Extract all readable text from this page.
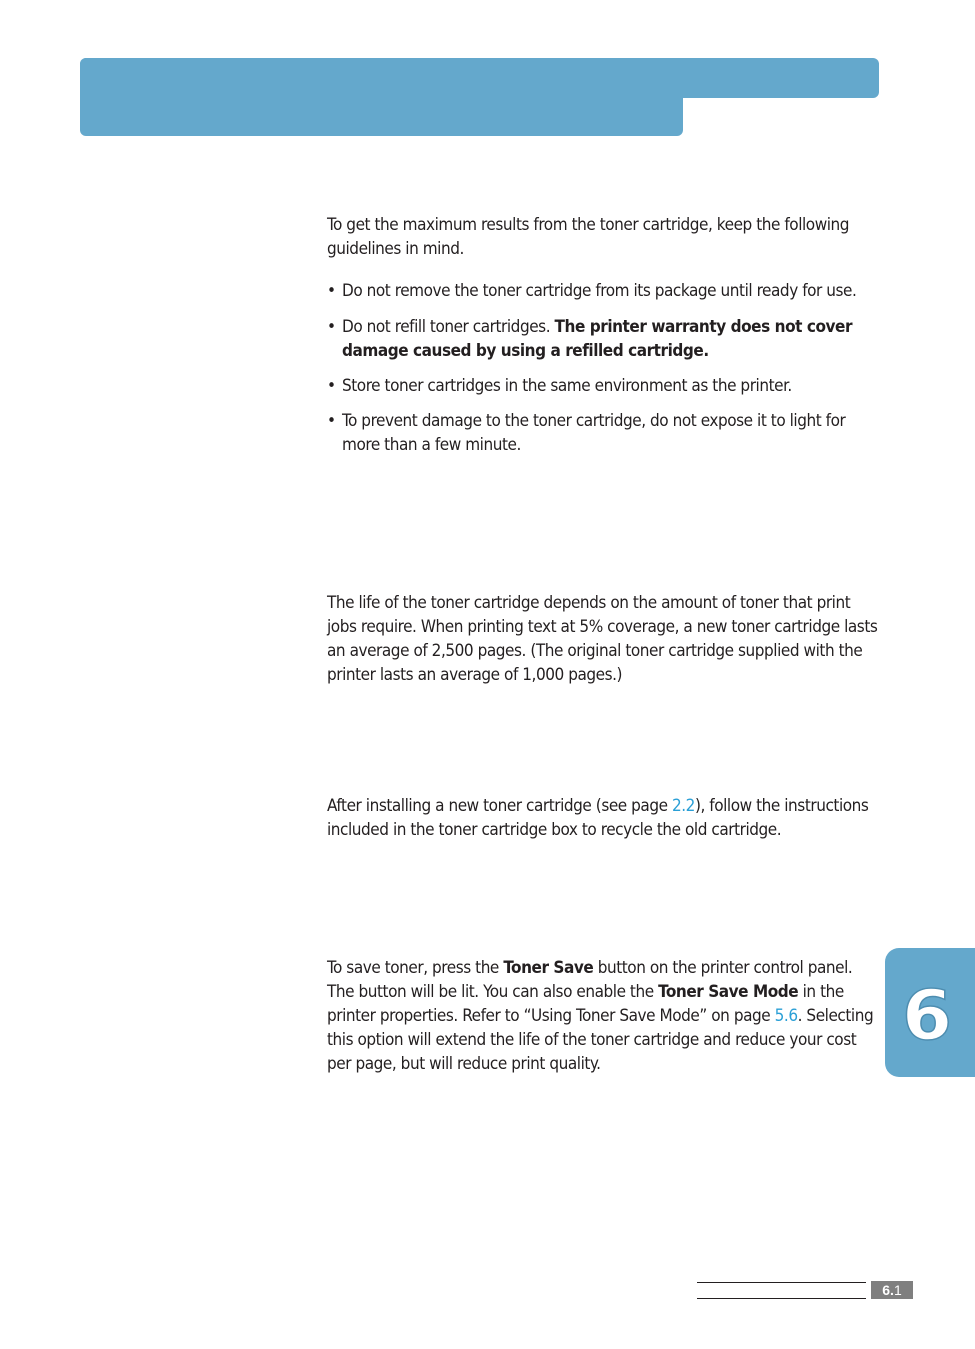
To get the maximum results from the toner cartridge, keep the following guidelines in mind.

• Do not remove the toner cartridge from its package until ready for use.
• Do not refill toner cartridges. The printer warranty does not cover damage caused by using a refilled cartridge.
• Store toner cartridges in the same environment as the printer.
• To prevent damage to the toner cartridge, do not expose it to light for more than a few minute.

The life of the toner cartridge depends on the amount of toner that print jobs require. When printing text at 5% coverage, a new toner cartridge lasts an average of 2,500 pages. (The original toner cartridge supplied with the printer lasts an average of 1,000 pages.)

After installing a new toner cartridge (see page 2.2), follow the instructions included in the toner cartridge box to recycle the old cartridge.

To save toner, press the Toner Save button on the printer control panel. The button will be lit. You can also enable the Toner Save Mode in the printer properties. Refer to “Using Toner Save Mode” on page 5.6. Selecting this option will extend the life of the toner cartridge and reduce your cost per page, but will reduce print quality.

6
6.1
